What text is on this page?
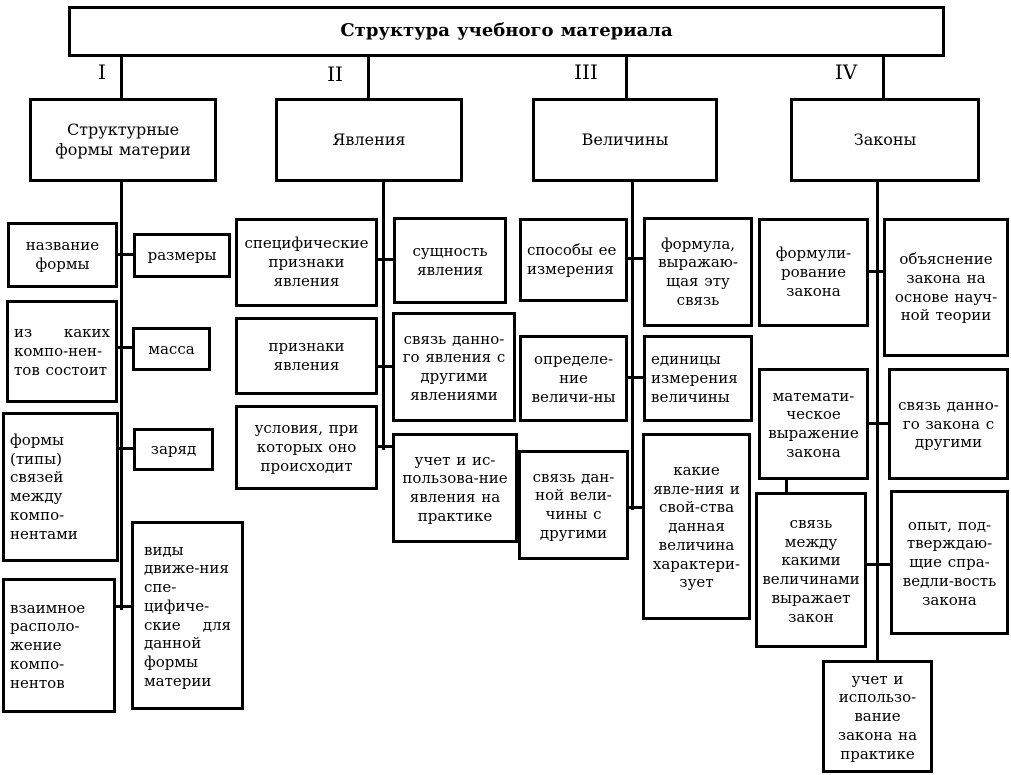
Структура учебного материала
I	II	III	IV
Структурные формы материи
Явления	Величины	Законы
название формы	размеры
из каких компо-нен-тов состоит
масса
формы (типы) связей между компо-нентами
заряд
взаимное располо-жение компо-нентов
виды движе-ния спе-цифиче-ские для данной формы материи
специфические признаки явления
сущность явления
признаки явления
связь данно-го явления с другими явлениями
условия, при которых оно происходит	учет и ис-пользова-ние явления на практике
способы ее измерения
формула, выражаю-щая эту связь
определе-ние величи-ны
единицы измерения величины
связь дан-ной вели-чины с другими
какие явле-ния и свой-ства данная величина характери-зует
формули-рование закона
объяснение закона на основе науч-ной теории
математи-ческое выражение закона
связь данно-го закона с другими
связь между какими величинами выражает закон
опыт, под-тверждаю-щие спра-ведли-вость закона
учет и использо-вание закона на практике
